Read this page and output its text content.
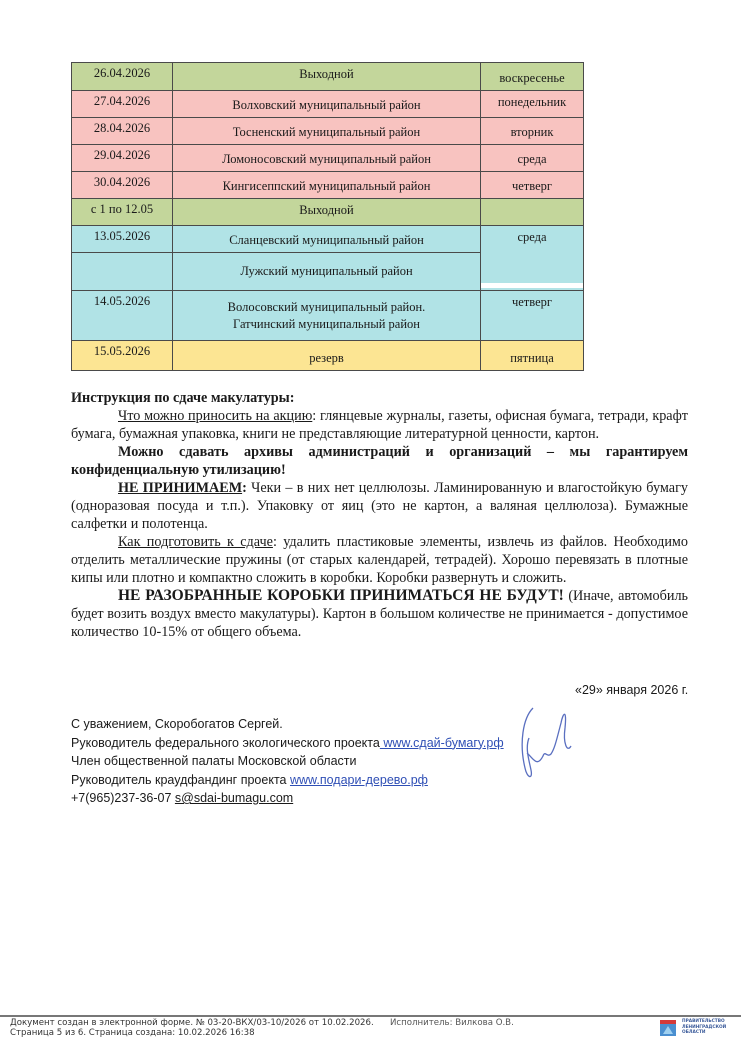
26.04.2026	Выходной	воскресенье
27.04.2026	Волховский муниципальный район	понедельник
28.04.2026	Тосненский муниципальный район	вторник
29.04.2026	Ломоносовский муниципальный район	среда
30.04.2026	Кингисеппский муниципальный район	четверг
с 1 по 12.05	Выходной	
13.05.2026	Сланцевский муниципальный район	среда
	Лужский муниципальный район	
14.05.2026	Волосовский муниципальный район. Гатчинский муниципальный район	четверг
15.05.2026	резерв	пятница

Инструкция по сдаче макулатуры:

Что можно приносить на акцию: глянцевые журналы, газеты, офисная бумага, тетради, крафт бумага, бумажная упаковка, книги не представляющие литературной ценности, картон.

Можно сдавать архивы администраций и организаций – мы гарантируем конфиденциальную утилизацию!

НЕ ПРИНИМАЕМ: Чеки – в них нет целлюлозы. Ламинированную и влагостойкую бумагу (одноразовая посуда и т.п.). Упаковку от яиц (это не картон, а валяная целлюлоза). Бумажные салфетки и полотенца.

Как подготовить к сдаче: удалить пластиковые элементы, извлечь из файлов. Необходимо отделить металлические пружины (от старых календарей, тетрадей). Хорошо перевязать в плотные кипы или плотно и компактно сложить в коробки. Коробки развернуть и сложить.

НЕ РАЗОБРАННЫЕ КОРОБКИ ПРИНИМАТЬСЯ НЕ БУДУТ! (Иначе, автомобиль будет возить воздух вместо макулатуры). Картон в большом количестве не принимается - допустимое количество 10-15% от общего объема.

«29» января 2026 г.
С уважением, Скоробогатов Сергей.
Руководитель федерального экологического проекта www.сдай-бумагу.рф
Член общественной палаты Московской области
Руководитель краудфандинг проекта www.подари-дерево.рф
+7(965)237-36-07 s@sdai-bumagu.com
Документ создан в электронной форме. № 03-20-ВКХ/03-10/2026 от 10.02.2026.
Страница 5 из 6. Страница создана: 10.02.2026 16:38
Исполнитель: Вилкова О.В.	ПРАВИТЕЛЬСТВО ЛЕНИНГРАДСКОЙ ОБЛАСТИ
